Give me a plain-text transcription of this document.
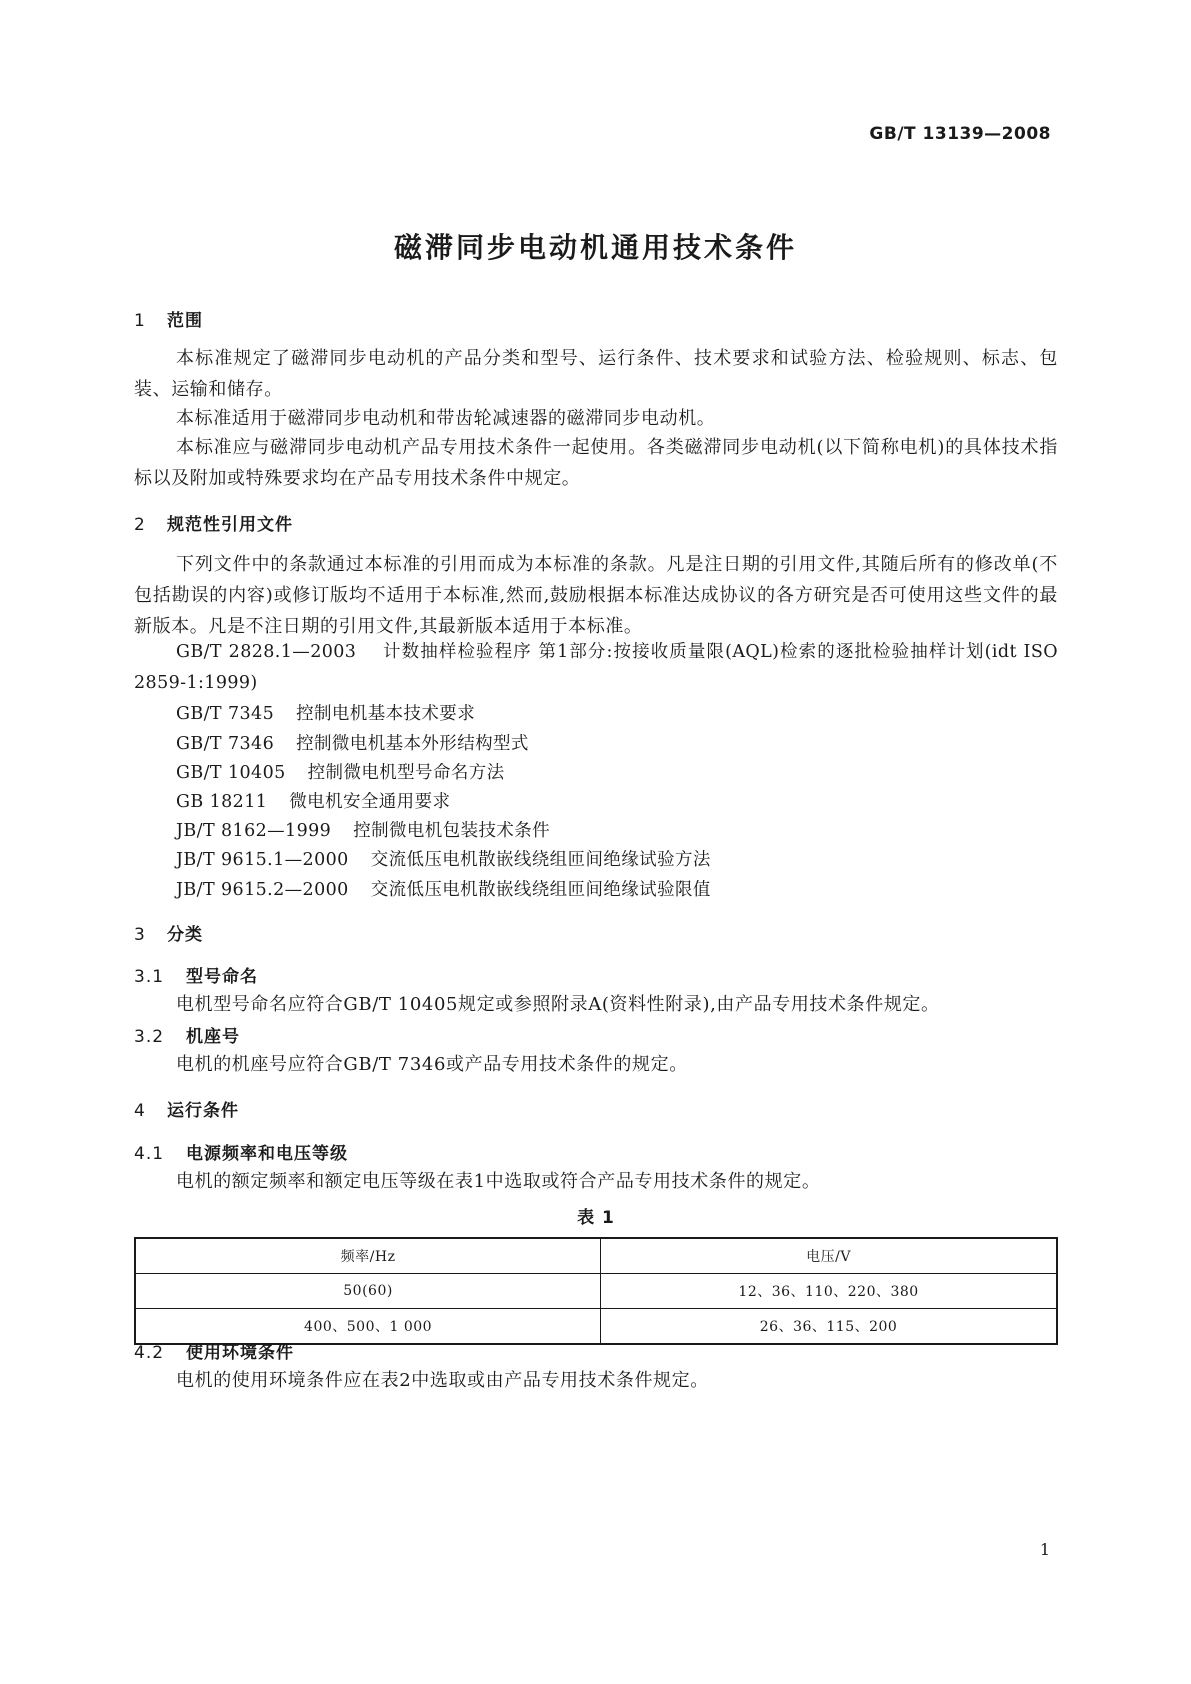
GB/T 13139—2008
磁滞同步电动机通用技术条件
1 范围

本标准规定了磁滞同步电动机的产品分类和型号、运行条件、技术要求和试验方法、检验规则、标志、包装、运输和储存。

本标准适用于磁滞同步电动机和带齿轮减速器的磁滞同步电动机。

本标准应与磁滞同步电动机产品专用技术条件一起使用。各类磁滞同步电动机(以下简称电机)的具体技术指标以及附加或特殊要求均在产品专用技术条件中规定。

2 规范性引用文件

下列文件中的条款通过本标准的引用而成为本标准的条款。凡是注日期的引用文件,其随后所有的修改单(不包括勘误的内容)或修订版均不适用于本标准,然而,鼓励根据本标准达成协议的各方研究是否可使用这些文件的最新版本。凡是不注日期的引用文件,其最新版本适用于本标准。

GB/T 2828.1—2003 计数抽样检验程序 第1部分:按接收质量限(AQL)检索的逐批检验抽样计划(idt ISO 2859-1:1999)

GB/T 7345 控制电机基本技术要求
GB/T 7346 控制微电机基本外形结构型式
GB/T 10405 控制微电机型号命名方法
GB 18211 微电机安全通用要求
JB/T 8162—1999 控制微电机包装技术条件
JB/T 9615.1—2000 交流低压电机散嵌线绕组匝间绝缘试验方法
JB/T 9615.2—2000 交流低压电机散嵌线绕组匝间绝缘试验限值
3 分类
3.1 型号命名

电机型号命名应符合GB/T 10405规定或参照附录A(资料性附录),由产品专用技术条件规定。

3.2 机座号

电机的机座号应符合GB/T 7346或产品专用技术条件的规定。

4 运行条件
4.1 电源频率和电压等级

电机的额定频率和额定电压等级在表1中选取或符合产品专用技术条件的规定。

表 1
频率/Hz	电压/V
50(60)	12、36、110、220、380
400、500、1 000	26、36、115、200
4.2 使用环境条件

电机的使用环境条件应在表2中选取或由产品专用技术条件规定。

1
